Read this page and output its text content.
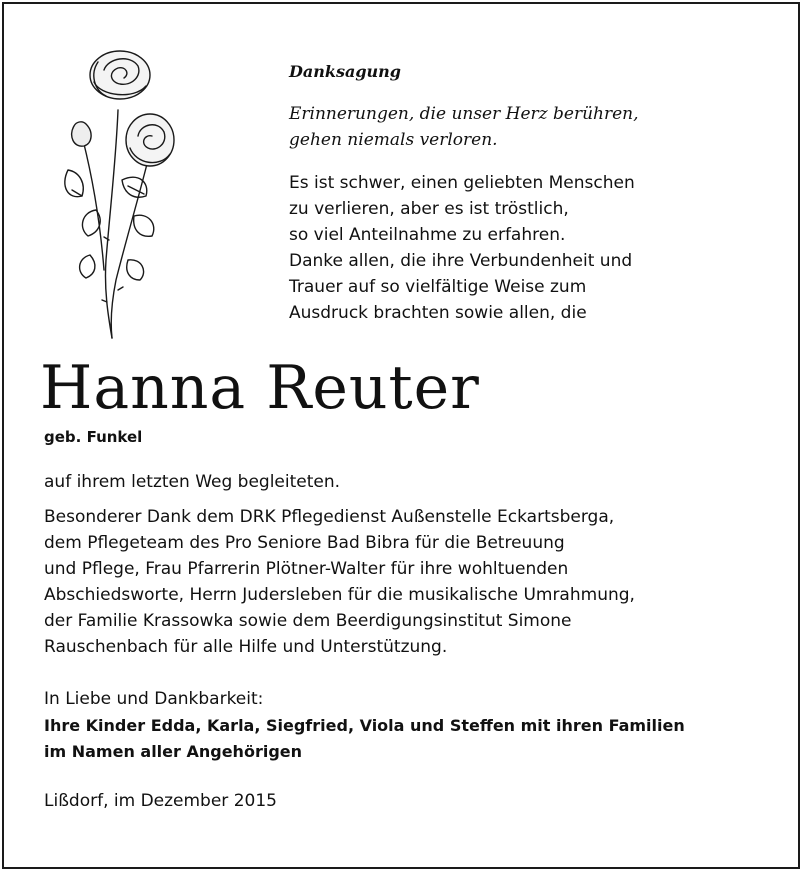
Danksagung

Erinnerungen, die unser Herz berühren,
gehen niemals verloren.

Es ist schwer, einen geliebten Menschen
zu verlieren, aber es ist tröstlich,
so viel Anteilnahme zu erfahren.
Danke allen, die ihre Verbundenheit und
Trauer auf so vielfältige Weise zum
Ausdruck brachten sowie allen, die

Hanna Reuter

geb. Funkel

auf ihrem letzten Weg begleiteten.

Besonderer Dank dem DRK Pflegedienst Außenstelle Eckartsberga,
dem Pflegeteam des Pro Seniore Bad Bibra für die Betreuung
und Pflege, Frau Pfarrerin Plötner-Walter für ihre wohltuenden
Abschiedsworte, Herrn Judersleben für die musikalische Umrahmung,
der Familie Krassowka sowie dem Beerdigungsinstitut Simone
Rauschenbach für alle Hilfe und Unterstützung.

In Liebe und Dankbarkeit:

Ihre Kinder Edda, Karla, Siegfried, Viola und Steffen mit ihren Familien
im Namen aller Angehörigen

Lißdorf, im Dezember 2015
